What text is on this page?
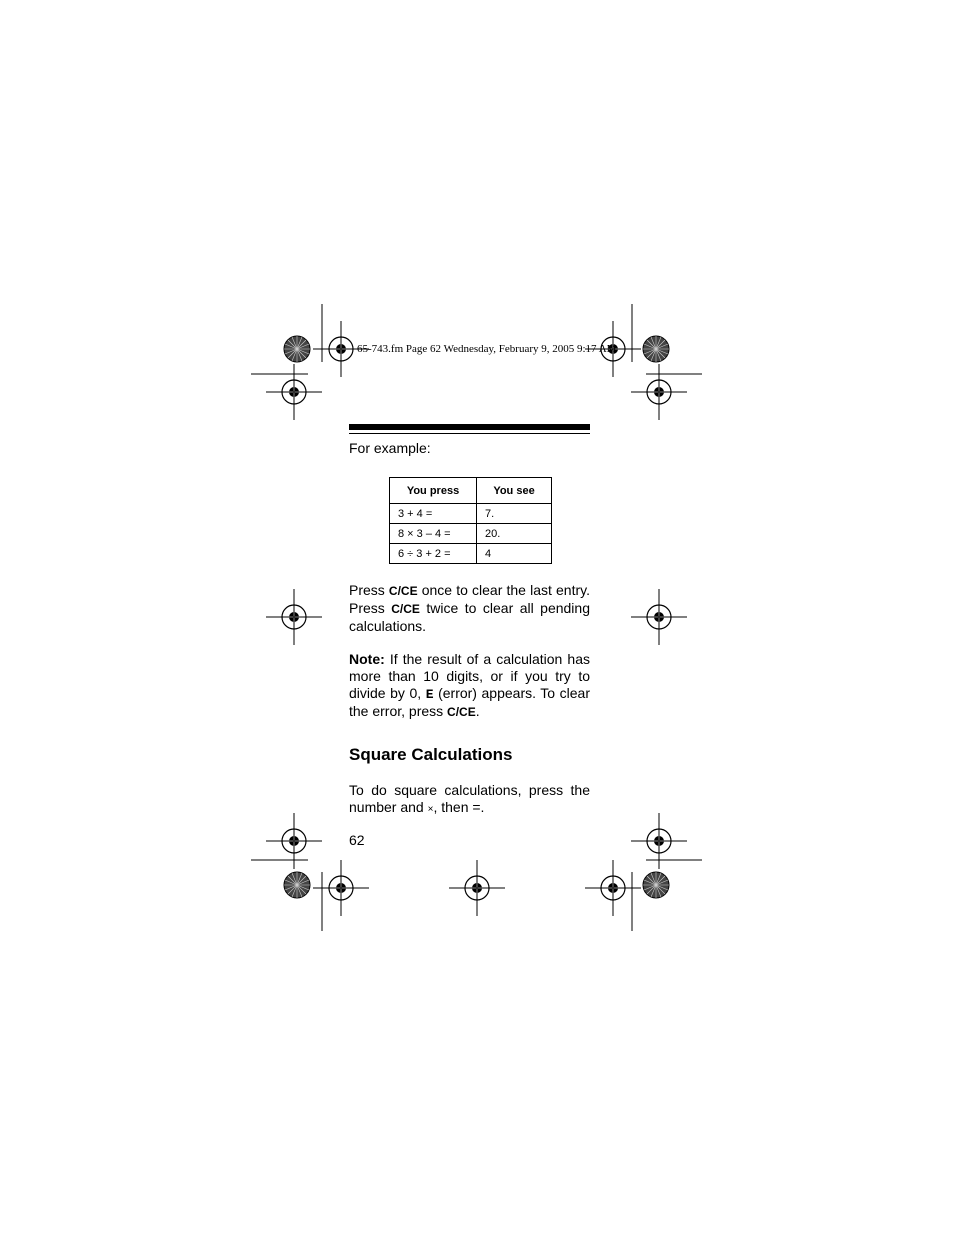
65-743.fm Page 62 Wednesday, February 9, 2005 9:17 AM
For example:
You press	You see
3 + 4 =	7.
8 × 3 – 4 =	20.
6 ÷ 3 + 2 =	4

Press C/CE once to clear the last entry. Press C/CE twice to clear all pending calculations.

Note: If the result of a calculation has more than 10 digits, or if you try to divide by 0, E (error) appears. To clear the error, press C/CE.

Square Calculations

To do square calculations, press the number and ×, then =.

62
